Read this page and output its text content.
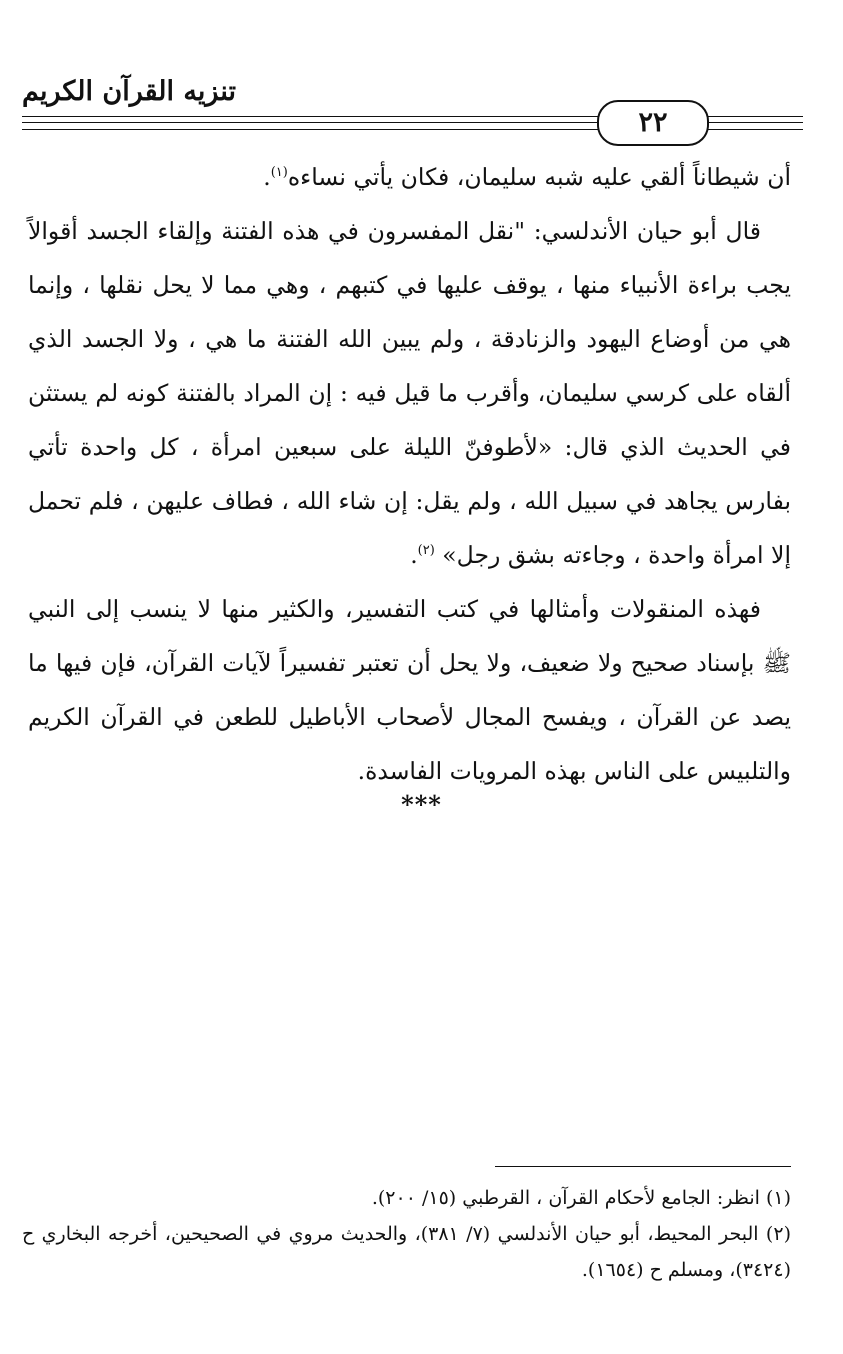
تنزيه القرآن الكريم
٢٢

أن شيطاناً ألقي عليه شبه سليمان، فكان يأتي نساءه$^{(١)}$.

قال أبو حيان الأندلسي: "نقل المفسرون في هذه الفتنة وإلقاء الجسد أقوالاً يجب براءة الأنبياء منها ، يوقف عليها في كتبهم ، وهي مما لا يحل نقلها ، وإنما هي من أوضاع اليهود والزنادقة ، ولم يبين الله الفتنة ما هي ، ولا الجسد الذي ألقاه على كرسي سليمان، وأقرب ما قيل فيه : إن المراد بالفتنة كونه لم يستثن في الحديث الذي قال: «لأطوفنّ الليلة على سبعين امرأة ، كل واحدة تأتي بفارس يجاهد في سبيل الله ، ولم يقل: إن شاء الله ، فطاف عليهن ، فلم تحمل إلا امرأة واحدة ، وجاءته بشق رجل» $^{(٢)}$.

فهذه المنقولات وأمثالها في كتب التفسير، والكثير منها لا ينسب إلى النبي ﷺ بإسناد صحيح ولا ضعيف، ولا يحل أن تعتبر تفسيراً لآيات القرآن، فإن فيها ما يصد عن القرآن ، ويفسح المجال لأصحاب الأباطيل للطعن في القرآن الكريم والتلبيس على الناس بهذه المرويات الفاسدة.

***

(١) انظر: الجامع لأحكام القرآن ، القرطبي (١٥/ ٢٠٠).

(٢) البحر المحيط، أبو حيان الأندلسي (٧/ ٣٨١)، والحديث مروي في الصحيحين، أخرجه البخاري ح (٣٤٢٤)، ومسلم ح (١٦٥٤).
